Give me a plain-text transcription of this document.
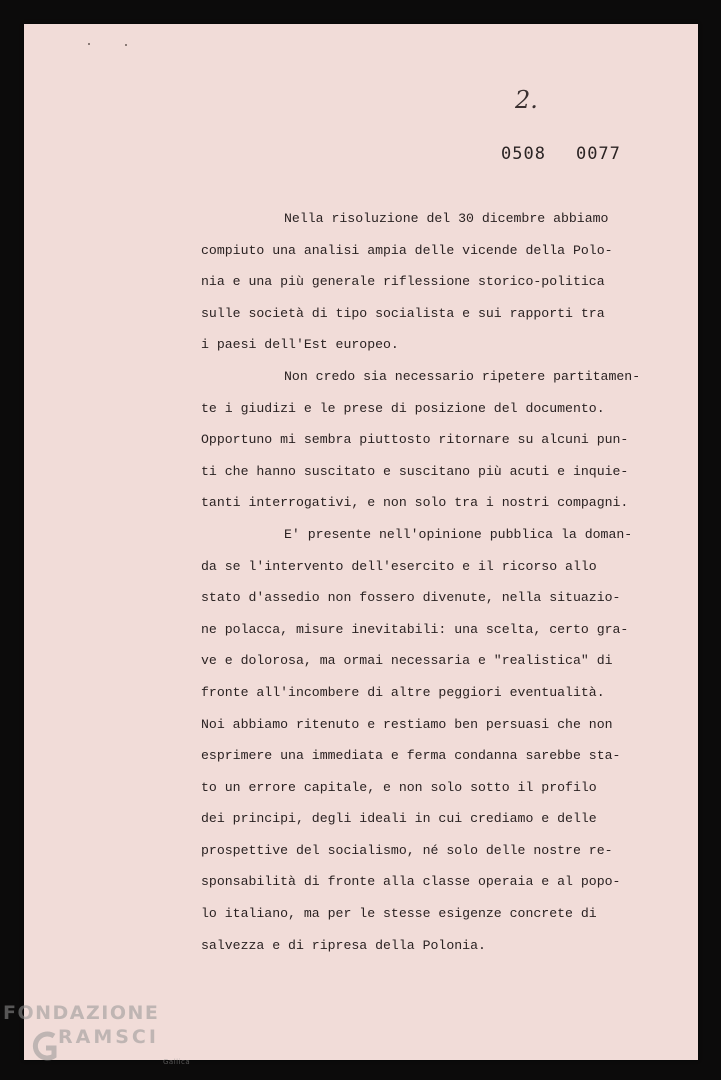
2.
0508 0077
Nella risoluzione del 30 dicembre abbiamo
compiuto una analisi ampia delle vicende della Polo-
nia e una più generale riflessione storico-politica
sulle società di tipo socialista e sui rapporti tra
i paesi dell'Est europeo.
Non credo sia necessario ripetere partitamen-
te i giudizi e le prese di posizione del documento.
Opportuno mi sembra piuttosto ritornare su alcuni pun-
ti che hanno suscitato e suscitano più acuti e inquie-
tanti interrogativi, e non solo tra i nostri compagni.
E' presente nell'opinione pubblica la doman-
da se l'intervento dell'esercito e il ricorso allo
stato d'assedio non fossero divenute, nella situazio-
ne polacca, misure inevitabili: una scelta, certo gra-
ve e dolorosa, ma ormai necessaria e "realistica" di
fronte all'incombere di altre peggiori eventualità.
Noi abbiamo ritenuto e restiamo ben persuasi che non
esprimere una immediata e ferma condanna sarebbe sta-
to un errore capitale, e non solo sotto il profilo
dei principi, degli ideali in cui crediamo e delle
prospettive del socialismo, né solo delle nostre re-
sponsabilità di fronte alla classe operaia e al popo-
lo italiano, ma per le stesse esigenze concrete di
salvezza e di ripresa della Polonia.
FONDAZIONE
RAMSCI
Gallica
